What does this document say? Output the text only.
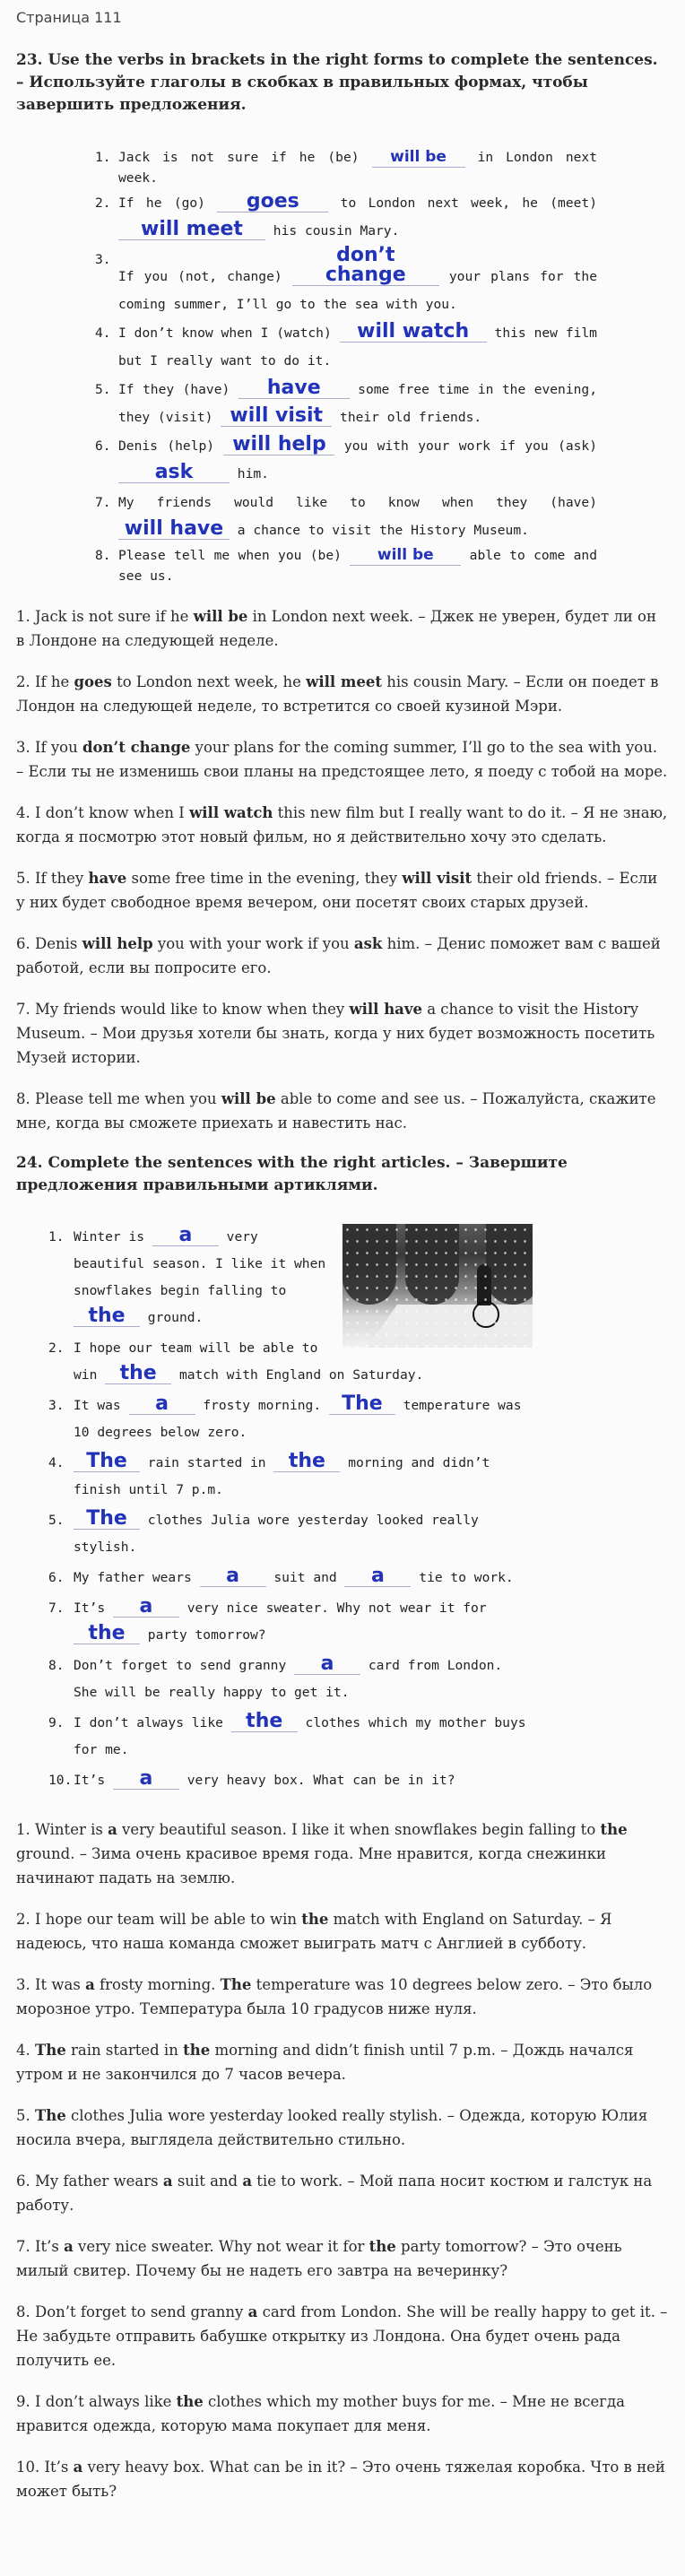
Страница 111
23. Use the verbs in brackets in the right forms to complete the sentences. – Используйте глаголы в скобках в правильных формах, чтобы завершить предложения.
1. Jack is not sure if he (be) will be in London next week.
2. If he (go) goes	to London next week, he (meet) will meet his cousin Mary.
3.
If you (not, change) don’t change	your plans for the coming summer, I’ll go to the sea with you.
4. I don’t know when I (watch) will watch this new film but I really want to do it.
5. If they (have) have	some free time in the evening, they (visit) will visit their old friends.
6. Denis (help) will help you with your work if you (ask) ask	him.
7. My friends would like to know when they (have) will have a chance to visit the History Museum.
8. Please tell me when you (be) will be	able to come and see us.

1. Jack is not sure if he will be in London next week. – Джек не уверен, будет ли он в Лондоне на следующей неделе.

2. If he goes to London next week, he will meet his cousin Mary. – Если он поедет в Лондон на следующей неделе, то встретится со своей кузиной Мэри.

3. If you don’t change your plans for the coming summer, I’ll go to the sea with you. – Если ты не изменишь свои планы на предстоящее лето, я поеду с тобой на море.

4. I don’t know when I will watch this new film but I really want to do it. – Я не знаю, когда я посмотрю этот новый фильм, но я действительно хочу это сделать.

5. If they have some free time in the evening, they will visit their old friends. – Если у них будет свободное время вечером, они посетят своих старых друзей.

6. Denis will help you with your work if you ask him. – Денис поможет вам с вашей работой, если вы попросите его.

7. My friends would like to know when they will have a chance to visit the History Museum. – Мои друзья хотели бы знать, когда у них будет возможность посетить Музей истории.

8. Please tell me when you will be able to come and see us. – Пожалуйста, скажите мне, когда вы сможете приехать и навестить нас.

24. Complete the sentences with the right articles. – Завершите предложения правильными артиклями.
1. Winter is a	very beautiful season. I like it when snowflakes begin falling to the ground.
2. I hope our team will be able to win the match with England on Saturday.
3. It was a	frosty morning. The temperature was 10 degrees below zero.
4. The rain started in the morning and didn’t finish until 7 p.m.
5. The clothes Julia wore yesterday looked really stylish.
6. My father wears a	suit and a	tie to work.
7. It’s a	very nice sweater. Why not wear it for the party tomorrow?
8. Don’t forget to send granny a	card from London. She will be really happy to get it.
9. I don’t always like the clothes which my mother buys for me.
10. It’s a	very heavy box. What can be in it?

1. Winter is a very beautiful season. I like it when snowflakes begin falling to the ground. – Зима очень красивое время года. Мне нравится, когда снежинки начинают падать на землю.

2. I hope our team will be able to win the match with England on Saturday. – Я надеюсь, что наша команда сможет выиграть матч с Англией в субботу.

3. It was a frosty morning. The temperature was 10 degrees below zero. – Это было морозное утро. Температура была 10 градусов ниже нуля.

4. The rain started in the morning and didn’t finish until 7 p.m. – Дождь начался утром и не закончился до 7 часов вечера.

5. The clothes Julia wore yesterday looked really stylish. – Одежда, которую Юлия носила вчера, выглядела действительно стильно.

6. My father wears a suit and a tie to work. – Мой папа носит костюм и галстук на работу.

7. It’s a very nice sweater. Why not wear it for the party tomorrow? – Это очень милый свитер. Почему бы не надеть его завтра на вечеринку?

8. Don’t forget to send granny a card from London. She will be really happy to get it. – Не забудьте отправить бабушке открытку из Лондона. Она будет очень рада получить ее.

9. I don’t always like the clothes which my mother buys for me. – Мне не всегда нравится одежда, которую мама покупает для меня.

10. It’s a very heavy box. What can be in it? – Это очень тяжелая коробка. Что в ней может быть?
